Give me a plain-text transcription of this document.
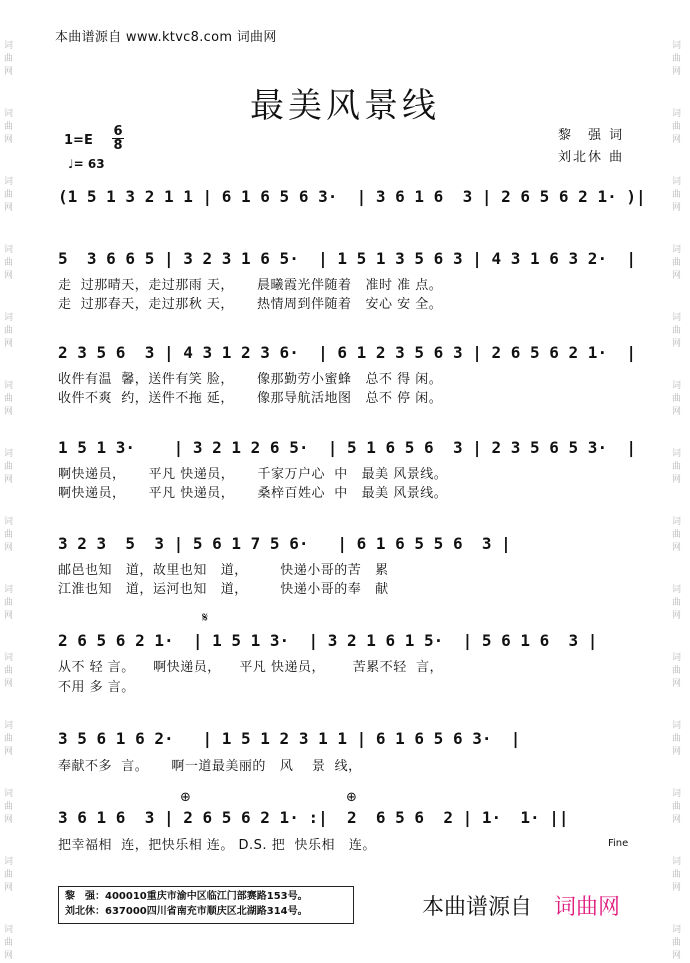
词
曲
网
词
曲
网
词
曲
网
词
曲
网
词
曲
网
词
曲
网
词
曲
网
词
曲
网
词
曲
网
词
曲
网
词
曲
网
词
曲
网
词
曲
网
词
曲
网
词
曲
网
词
曲
网
词
曲
网
词
曲
网
词
曲
网
词
曲
网
词
曲
网
词
曲
网
词
曲
网
词
曲
网
词
曲
网
词
曲
网
词
曲
网
词
曲
网
本曲谱源自 www.ktvc8.com 词曲网
最美风景线
$1=E \frac{6}{8}$
♩= 63
黎　强 词
刘北休 曲
(1 5 1 3 2 1 1 | 6 1 6 5 6 3·  | 3 6 1 6  3 | 2 6 5 6 2 1· )|
5  3 6 6 5 | 3 2 3 1 6 5·  | 1 5 1 3 5 6 3 | 4 3 1 6 3 2·  |
走  过那晴天，走过那雨 天，     晨曦霞光伴随着   准时 准 点。
走  过那春天，走过那秋 天，     热情周到伴随着   安心 安 全。
2 3 5 6  3 | 4 3 1 2 3 6·  | 6 1 2 3 5 6 3 | 2 6 5 6 2 1·  |
收件有温  馨，送件有笑 脸，     像那勤劳小蜜蜂   总不 得 闲。
收件不爽  约，送件不拖 延，     像那导航活地图   总不 停 闲。
1 5 1 3·    | 3 2 1 2 6 5·  | 5 1 6 5 6  3 | 2 3 5 6 5 3·  |
啊快递员，     平凡 快递员，     千家万户心  中   最美 风景线。
啊快递员，     平凡 快递员，     桑梓百姓心  中   最美 风景线。
3 2 3  5  3 | 5 6 1 7 5 6·   | 6 1 6 5 5 6  3 |
邮邑也知   道，故里也知   道，       快递小哥的苦   累
江淮也知   道，运河也知   道，       快递小哥的奉   献
𝄋
2 6 5 6 2 1·  | 1 5 1 3·  | 3 2 1 6 1 5·  | 5 6 1 6  3 |
从不 轻 言。    啊快递员，    平凡 快递员，      苦累不轻  言，
不用 多 言。
3 5 6 1 6 2·   | 1 5 1 2 3 1 1 | 6 1 6 5 6 3·  |
奉献不多  言。     啊一道最美丽的   风    景  线，
⊕	⊕
3 6 1 6  3 | 2 6 5 6 2 1· :|  2  6 5 6  2 | 1·  1· ||
把幸福相  连，把快乐相 连。 D.S. 把  快乐相   连。	Fine
黎　强：400010重庆市渝中区临江门部赛路153号。
刘北休：637000四川省南充市顺庆区北湖路314号。	本曲谱源自　 词曲网
